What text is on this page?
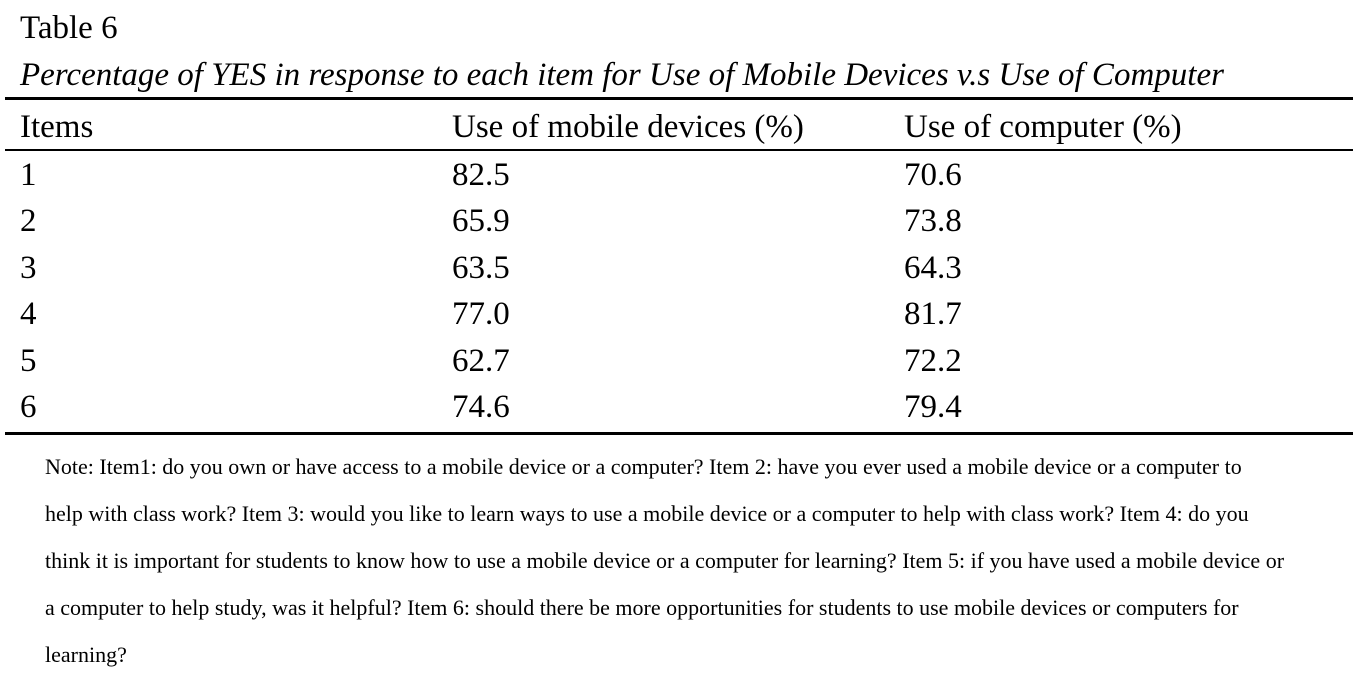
Table 6
Percentage of YES in response to each item for Use of Mobile Devices v.s Use of Computer
Items	Use of mobile devices (%)	Use of computer (%)
1	82.5	70.6
2	65.9	73.8
3	63.5	64.3
4	77.0	81.7
5	62.7	72.2
6	74.6	79.4
Note: Item1: do you own or have access to a mobile device or a computer? Item 2: have you ever used a mobile device or a computer to help with class work? Item 3: would you like to learn ways to use a mobile device or a computer to help with class work? Item 4: do you think it is important for students to know how to use a mobile device or a computer for learning? Item 5: if you have used a mobile device or a computer to help study, was it helpful? Item 6: should there be more opportunities for students to use mobile devices or computers for learning?
